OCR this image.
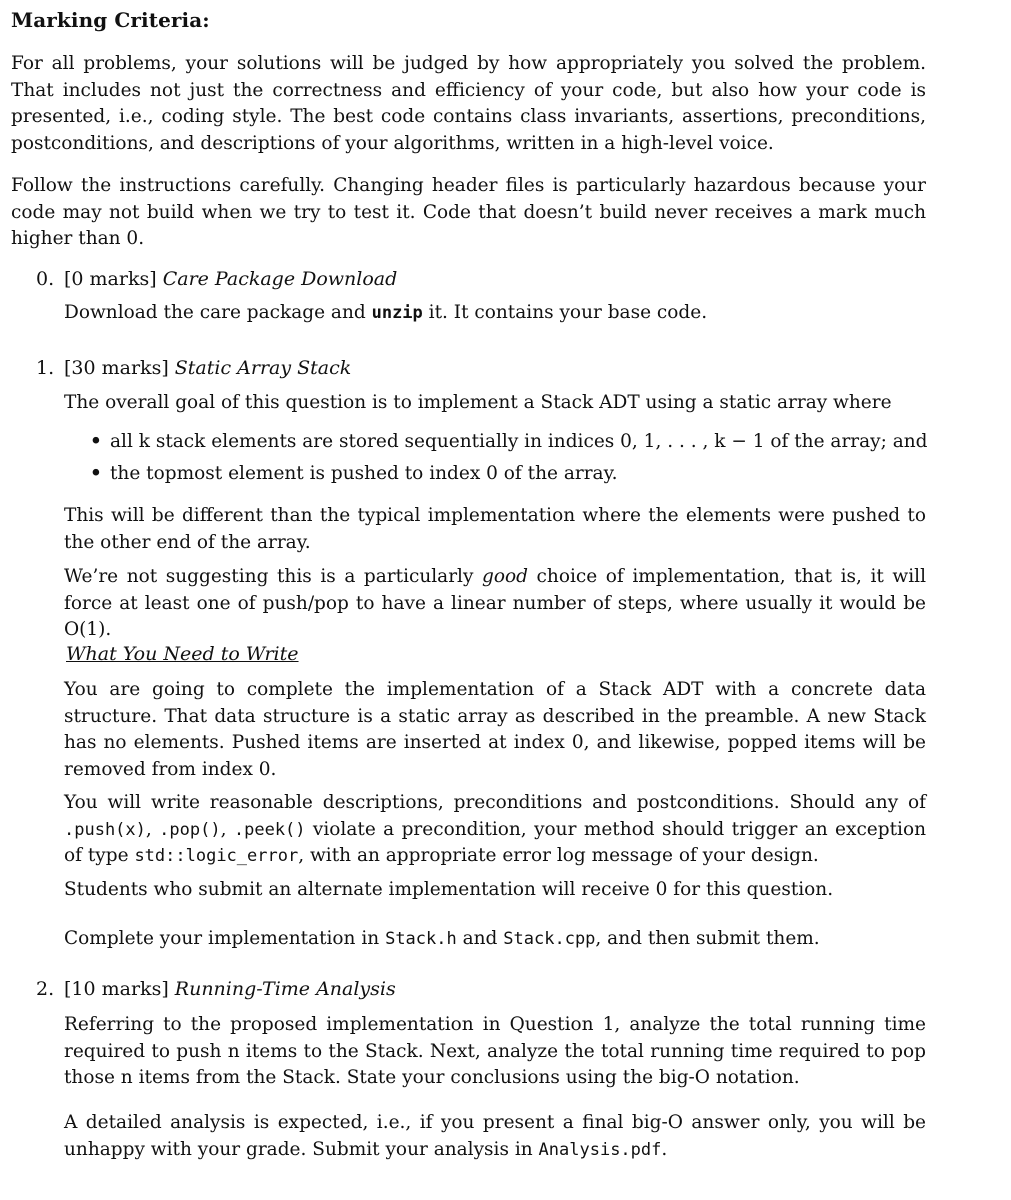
Marking Criteria:
For all problems, your solutions will be judged by how appropriately you solved the problem. That includes not just the correctness and efficiency of your code, but also how your code is presented, i.e., coding style. The best code contains class invariants, assertions, preconditions, postconditions, and descriptions of your algorithms, written in a high-level voice.
Follow the instructions carefully. Changing header files is particularly hazardous because your code may not build when we try to test it. Code that doesn’t build never receives a mark much higher than 0.
0. [0 marks] Care Package Download
Download the care package and unzip it. It contains your base code.
1. [30 marks] Static Array Stack
The overall goal of this question is to implement a Stack ADT using a static array where
• all k stack elements are stored sequentially in indices 0, 1, . . . , k − 1 of the array; and
• the topmost element is pushed to index 0 of the array.
This will be different than the typical implementation where the elements were pushed to the other end of the array.
We’re not suggesting this is a particularly good choice of implementation, that is, it will force at least one of push/pop to have a linear number of steps, where usually it would be O(1).
What You Need to Write
You are going to complete the implementation of a Stack ADT with a concrete data structure. That data structure is a static array as described in the preamble. A new Stack has no elements. Pushed items are inserted at index 0, and likewise, popped items will be removed from index 0.
You will write reasonable descriptions, preconditions and postconditions. Should any of .push(x), .pop(), .peek() violate a precondition, your method should trigger an exception of type std::logic_error, with an appropriate error log message of your design.
Students who submit an alternate implementation will receive 0 for this question.
Complete your implementation in Stack.h and Stack.cpp, and then submit them.
2. [10 marks] Running-Time Analysis
Referring to the proposed implementation in Question 1, analyze the total running time required to push n items to the Stack. Next, analyze the total running time required to pop those n items from the Stack. State your conclusions using the big-O notation.
A detailed analysis is expected, i.e., if you present a final big-O answer only, you will be unhappy with your grade. Submit your analysis in Analysis.pdf.
